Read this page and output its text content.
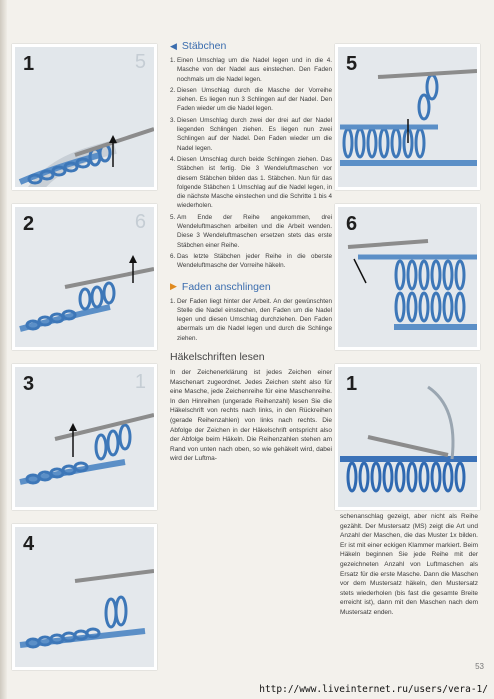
1	5
2	6
3	1
4
5
6
1
◀ Stäbchen
1. Einen Umschlag um die Nadel legen und in die 4. Masche von der Nadel aus einstechen. Den Faden nochmals um die Nadel legen.
2. Diesen Umschlag durch die Masche der Vorreihe ziehen. Es liegen nun 3 Schlingen auf der Nadel. Den Faden wieder um die Nadel legen.
3. Diesen Umschlag durch zwei der drei auf der Nadel liegenden Schlingen ziehen. Es liegen nun zwei Schlingen auf der Nadel. Den Faden wieder um die Nadel legen.
4. Diesen Umschlag durch beide Schlingen ziehen. Das Stäbchen ist fertig. Die 3 Wendeluftmaschen vor diesem Stäbchen bilden das 1. Stäbchen. Nun für das folgende Stäbchen 1 Umschlag auf die Nadel legen, in die nächste Masche einstechen und die Schritte 1 bis 4 wiederholen.
5. Am Ende der Reihe angekommen, drei Wendeluftmaschen arbeiten und die Arbeit wenden. Diese 3 Wendeluftmaschen ersetzen stets das erste Stäbchen einer Reihe.
6. Das letzte Stäbchen jeder Reihe in die oberste Wendeluftmasche der Vorreihe häkeln.
▶ Faden anschlingen
1. Der Faden liegt hinter der Arbeit. An der gewünschten Stelle die Nadel einstechen, den Faden um die Nadel legen und diesen Umschlag durchziehen. Den Faden abermals um die Nadel legen und durch die Schlinge ziehen.
Häkelschriften lesen

In der Zeichenerklärung ist jedes Zeichen einer Maschenart zugeordnet. Jedes Zeichen steht also für eine Masche, jede Zeichenreihe für eine Maschenreihe. In den Hinreihen (ungerade Reihenzahl) lesen Sie die Häkelschrift von rechts nach links, in den Rückreihen (gerade Reihenzahlen) von links nach rechts. Die Abfolge der Zeichen in der Häkelschrift entspricht also der Abfolge beim Häkeln. Die Reihenzahlen stehen am Rand von unten nach oben, so wie gehäkelt wird, dabei wird der Luftma-

schenanschlag gezeigt, aber nicht als Reihe gezählt. Der Mustersatz (MS) zeigt die Art und Anzahl der Maschen, die das Muster 1x bilden. Er ist mit einer eckigen Klammer markiert. Beim Häkeln beginnen Sie jede Reihe mit der gezeichneten Anzahl von Luftmaschen als Ersatz für die erste Masche. Dann die Maschen vor dem Mustersatz häkeln, den Mustersatz stets wiederholen (bis fast die gesamte Breite erreicht ist), dann mit den Maschen nach dem Mustersatz enden.

53
http://www.liveinternet.ru/users/vera-1/
